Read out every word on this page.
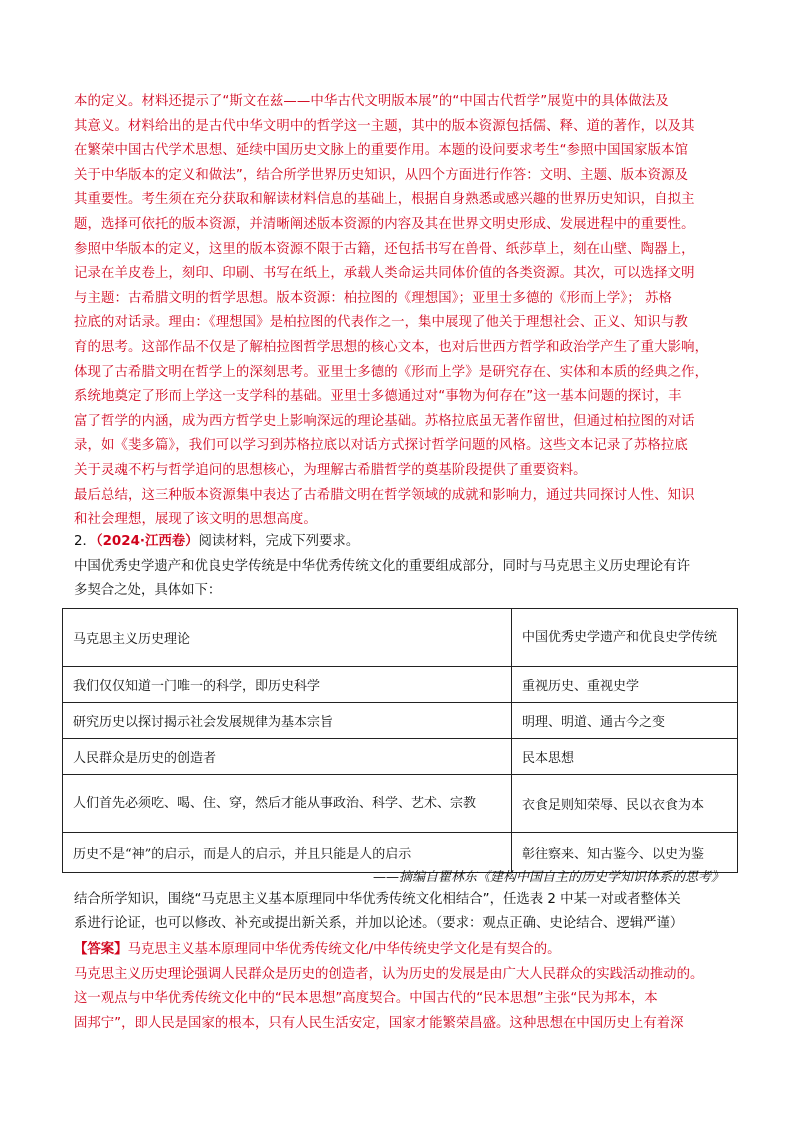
本的定义。材料还提示了“斯文在兹——中华古代文明版本展”的“中国古代哲学”展览中的具体做法及

其意义。材料给出的是古代中华文明中的哲学这一主题，其中的版本资源包括儒、释、道的著作，以及其

在繁荣中国古代学术思想、延续中国历史文脉上的重要作用。本题的设问要求考生“参照中国国家版本馆

关于中华版本的定义和做法”，结合所学世界历史知识，从四个方面进行作答：文明、主题、版本资源及

其重要性。考生须在充分获取和解读材料信息的基础上，根据自身熟悉或感兴趣的世界历史知识，自拟主

题，选择可依托的版本资源，并清晰阐述版本资源的内容及其在世界文明史形成、发展进程中的重要性。

参照中华版本的定义，这里的版本资源不限于古籍，还包括书写在兽骨、纸莎草上，刻在山壁、陶器上，

记录在羊皮卷上，刻印、印刷、书写在纸上，承载人类命运共同体价值的各类资源。其次，可以选择文明

与主题：古希腊文明的哲学思想。版本资源：柏拉图的《理想国》；亚里士多德的《形而上学》； 苏格

拉底的对话录。理由：《理想国》是柏拉图的代表作之一，集中展现了他关于理想社会、正义、知识与教

育的思考。这部作品不仅是了解柏拉图哲学思想的核心文本，也对后世西方哲学和政治学产生了重大影响，

体现了古希腊文明在哲学上的深刻思考。亚里士多德的《形而上学》是研究存在、实体和本质的经典之作，

系统地奠定了形而上学这一支学科的基础。亚里士多德通过对“事物为何存在”这一基本问题的探讨，丰

富了哲学的内涵，成为西方哲学史上影响深远的理论基础。苏格拉底虽无著作留世，但通过柏拉图的对话

录，如《斐多篇》，我们可以学习到苏格拉底以对话方式探讨哲学问题的风格。这些文本记录了苏格拉底

关于灵魂不朽与哲学追问的思想核心，为理解古希腊哲学的奠基阶段提供了重要资料。

最后总结，这三种版本资源集中表达了古希腊文明在哲学领域的成就和影响力，通过共同探讨人性、知识

和社会理想，展现了该文明的思想高度。

2．（2024·江西卷）阅读材料，完成下列要求。
中国优秀史学遗产和优良史学传统是中华优秀传统文化的重要组成部分，同时与马克思主义历史理论有许
多契合之处，具体如下：
马克思主义历史理论	中国优秀史学遗产和优良史学传统
我们仅仅知道一门唯一的科学，即历史科学	重视历史、重视史学
研究历史以探讨揭示社会发展规律为基本宗旨	明理、明道、通古今之变
人民群众是历史的创造者	民本思想
人们首先必须吃、喝、住、穿，然后才能从事政治、科学、艺术、宗教	衣食足则知荣辱、民以衣食为本
历史不是“神”的启示，而是人的启示，并且只能是人的启示	彰往察来、知古鉴今、以史为鉴
——摘编自瞿林东《建构中国自主的历史学知识体系的思考》
结合所学知识，围绕“马克思主义基本原理同中华优秀传统文化相结合”，任选表 2 中某一对或者整体关
系进行论证，也可以修改、补充或提出新关系，并加以论述。（要求：观点正确、史论结合、逻辑严谨）

【答案】马克思主义基本原理同中华优秀传统文化/中华传统史学文化是有契合的。

马克思主义历史理论强调人民群众是历史的创造者，认为历史的发展是由广大人民群众的实践活动推动的。

这一观点与中华优秀传统文化中的“民本思想”高度契合。中国古代的“民本思想”主张“民为邦本，本

固邦宁”，即人民是国家的根本，只有人民生活安定，国家才能繁荣昌盛。这种思想在中国历史上有着深
